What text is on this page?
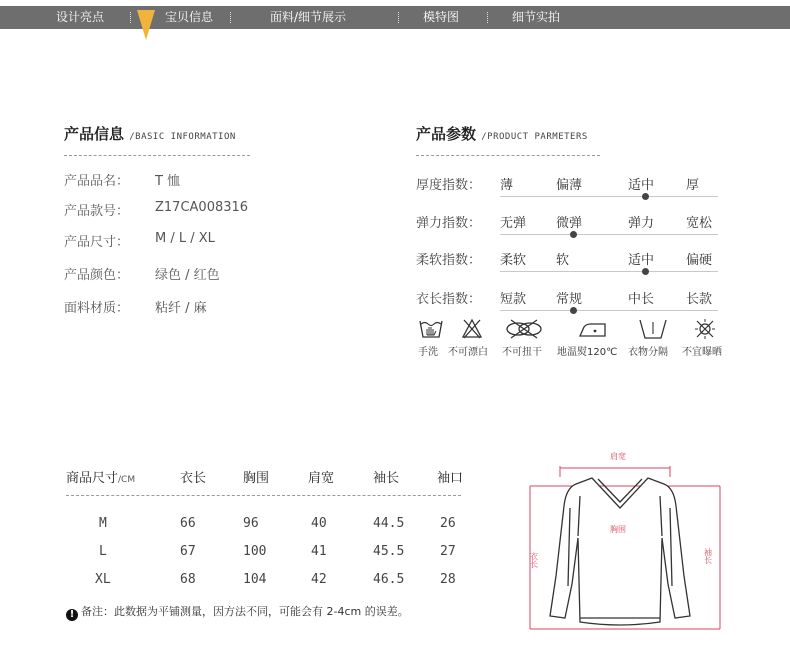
设计亮点	宝贝信息	面料/细节展示	模特图	细节实拍
产品信息 /BASIC INFORMATION
产品品名： T 恤
产品款号： Z17CA008316
产品尺寸： M / L / XL
产品颜色： 绿色 / 红色
面料材质： 粘纤 / 麻
产品参数 /PRODUCT PARMETERS
厚度指数： 薄	偏薄	适中 厚
弹力指数： 无弹 微弹	弹力 宽松
柔软指数： 柔软 软	适中 偏硬
衣长指数： 短款 常规	中长 长款
手洗 不可漂白 不可扭干 地温熨120℃ 衣物分隔 不宜曝晒
商品尺寸/CM	衣长	胸围	肩宽	袖长	袖口
M	66	96	40	44.5	26
L	67	100	41	45.5	27
XL	68	104	42	46.5	28
! 备注：此数据为平铺测量，因方法不同，可能会有 2-4cm 的误差。
肩宽
胸围
衣长	袖长
